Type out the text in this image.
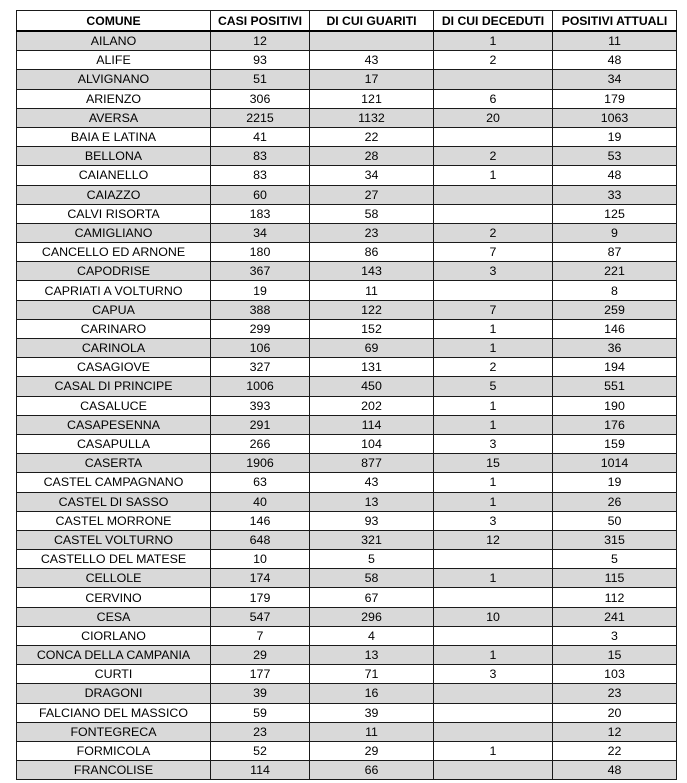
COMUNE	CASI POSITIVI	DI CUI GUARITI	DI CUI DECEDUTI	POSITIVI ATTUALI
AILANO	12		1	11
ALIFE	93	43	2	48
ALVIGNANO	51	17		34
ARIENZO	306	121	6	179
AVERSA	2215	1132	20	1063
BAIA E LATINA	41	22		19
BELLONA	83	28	2	53
CAIANELLO	83	34	1	48
CAIAZZO	60	27		33
CALVI RISORTA	183	58		125
CAMIGLIANO	34	23	2	9
CANCELLO ED ARNONE	180	86	7	87
CAPODRISE	367	143	3	221
CAPRIATI A VOLTURNO	19	11		8
CAPUA	388	122	7	259
CARINARO	299	152	1	146
CARINOLA	106	69	1	36
CASAGIOVE	327	131	2	194
CASAL DI PRINCIPE	1006	450	5	551
CASALUCE	393	202	1	190
CASAPESENNA	291	114	1	176
CASAPULLA	266	104	3	159
CASERTA	1906	877	15	1014
CASTEL CAMPAGNANO	63	43	1	19
CASTEL DI SASSO	40	13	1	26
CASTEL MORRONE	146	93	3	50
CASTEL VOLTURNO	648	321	12	315
CASTELLO DEL MATESE	10	5		5
CELLOLE	174	58	1	115
CERVINO	179	67		112
CESA	547	296	10	241
CIORLANO	7	4		3
CONCA DELLA CAMPANIA	29	13	1	15
CURTI	177	71	3	103
DRAGONI	39	16		23
FALCIANO DEL MASSICO	59	39		20
FONTEGRECA	23	11		12
FORMICOLA	52	29	1	22
FRANCOLISE	114	66		48
